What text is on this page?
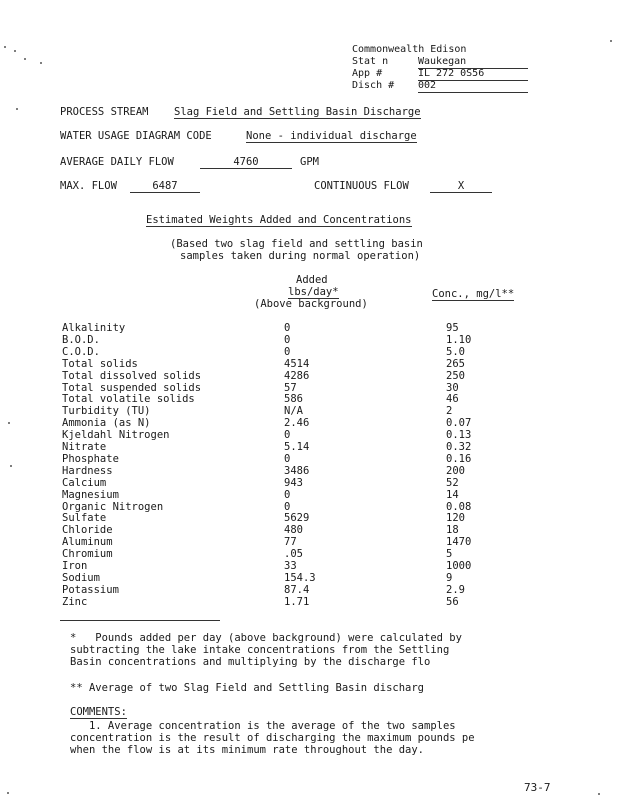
Commonwealth Edison
Stat n	Waukegan
App #	IL 272 0S56
Disch # 002
PROCESS STREAM Slag Field and Settling Basin Discharge
WATER USAGE DIAGRAM CODE	None - individual discharge
AVERAGE DAILY FLOW	4760	GPM
MAX. FLOW	6487	CONTINUOUS FLOW	X
Estimated Weights Added and Concentrations
(Based two slag field and settling basin
samples taken during normal operation)
Added
lbs/day*
(Above background)
Conc., mg/l**
Alkalinity	0	95
B.O.D.	0	1.10
C.O.D.	0	5.0
Total solids	4514	265
Total dissolved solids	4286	250
Total suspended solids	57	30
Total volatile solids	586	46
Turbidity (TU)	N/A	2
Ammonia (as N)	2.46	0.07
Kjeldahl Nitrogen	0	0.13
Nitrate	5.14	0.32
Phosphate	0	0.16
Hardness	3486	200
Calcium	943	52
Magnesium	0	14
Organic Nitrogen	0	0.08
Sulfate	5629	120
Chloride	480	18
Aluminum	77	1470
Chromium	.05	5
Iron	33	1000
Sodium	154.3	9
Potassium	87.4	2.9
Zinc	1.71	56
*   Pounds added per day (above background) were calculated by
subtracting the lake intake concentrations from the Settling
Basin concentrations and multiplying by the discharge flo
** Average of two Slag Field and Settling Basin discharg
COMMENTS:
1. Average concentration is the average of the two samples
concentration is the result of discharging the maximum pounds pe
when the flow is at its minimum rate throughout the day.
73-7
